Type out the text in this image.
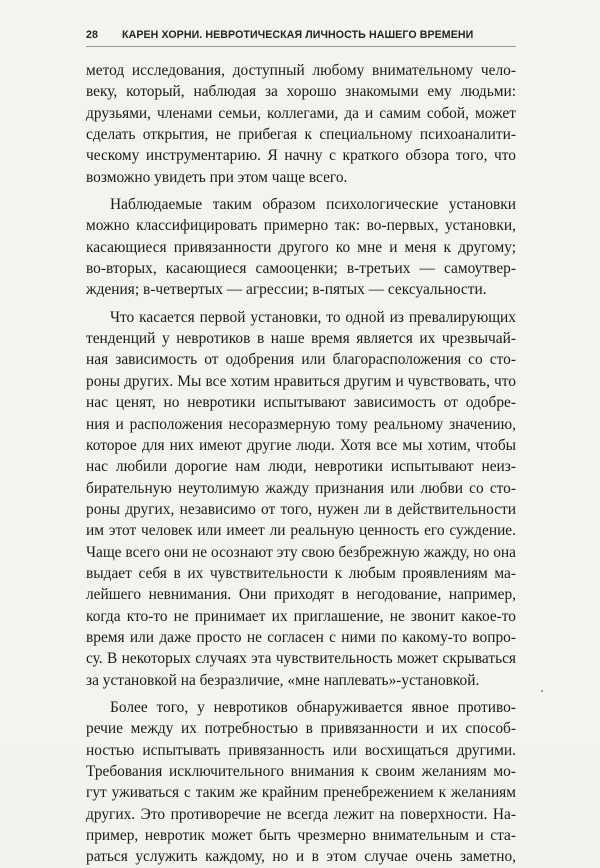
28 КАРЕН ХОРНИ. НЕВРОТИЧЕСКАЯ ЛИЧНОСТЬ НАШЕГО ВРЕМЕНИ
метод исследования, доступный любому внимательному чело-
веку, который, наблюдая за хорошо знакомыми ему людьми:
друзьями, членами семьи, коллегами, да и самим собой, может
сделать открытия, не прибегая к специальному психоаналити-
ческому инструментарию. Я начну с краткого обзора того, что
возможно увидеть при этом чаще всего.
Наблюдаемые таким образом психологические установки
можно классифицировать примерно так: во-первых, установки,
касающиеся привязанности другого ко мне и меня к другому;
во-вторых, касающиеся самооценки; в-третьих — самоутвер-
ждения; в-четвертых — агрессии; в-пятых — сексуальности.
Что касается первой установки, то одной из превалирующих
тенденций у невротиков в наше время является их чрезвычай-
ная зависимость от одобрения или благорасположения со сто-
роны других. Мы все хотим нравиться другим и чувствовать, что
нас ценят, но невротики испытывают зависимость от одобре-
ния и расположения несоразмерную тому реальному значению,
которое для них имеют другие люди. Хотя все мы хотим, чтобы
нас любили дорогие нам люди, невротики испытывают неиз-
бирательную неутолимую жажду признания или любви со сто-
роны других, независимо от того, нужен ли в действительности
им этот человек или имеет ли реальную ценность его суждение.
Чаще всего они не осознают эту свою безбрежную жажду, но она
выдает себя в их чувствительности к любым проявлениям ма-
лейшего невнимания. Они приходят в негодование, например,
когда кто-то не принимает их приглашение, не звонит какое-то
время или даже просто не согласен с ними по какому-то вопро-
су. В некоторых случаях эта чувствительность может скрываться
за установкой на безразличие, «мне наплевать»-установкой.
Более того, у невротиков обнаруживается явное противо-
речие между их потребностью в привязанности и их способ-
ностью испытывать привязанность или восхищаться другими.
Требования исключительного внимания к своим желаниям мо-
гут уживаться с таким же крайним пренебрежением к желаниям
других. Это противоречие не всегда лежит на поверхности. На-
пример, невротик может быть чрезмерно внимательным и ста-
раться услужить каждому, но и в этом случае очень заметно,
